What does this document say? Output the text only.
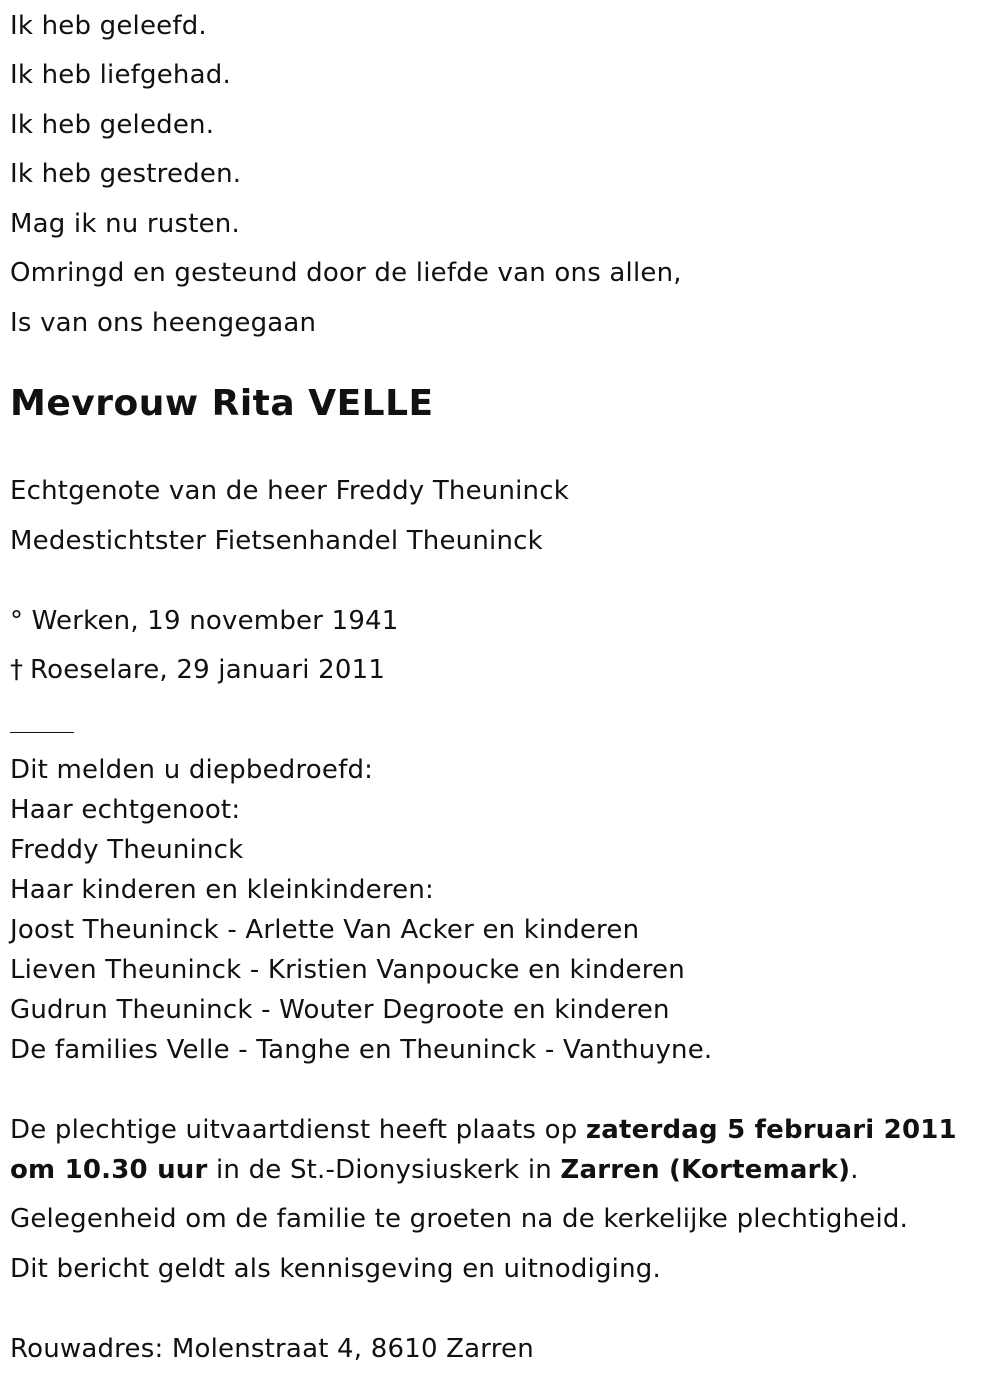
Ik heb geleefd.
Ik heb liefgehad.
Ik heb geleden.
Ik heb gestreden.
Mag ik nu rusten.
Omringd en gesteund door de liefde van ons allen,
Is van ons heengegaan
Mevrouw Rita VELLE
Echtgenote van de heer Freddy Theuninck
Medestichtster Fietsenhandel Theuninck
° Werken, 19 november 1941
† Roeselare, 29 januari 2011
Dit melden u diepbedroefd:
Haar echtgenoot:
Freddy Theuninck
Haar kinderen en kleinkinderen:
Joost Theuninck - Arlette Van Acker en kinderen
Lieven Theuninck - Kristien Vanpoucke en kinderen
Gudrun Theuninck - Wouter Degroote en kinderen
De families Velle - Tanghe en Theuninck - Vanthuyne.
De plechtige uitvaartdienst heeft plaats op zaterdag 5 februari 2011 om 10.30 uur in de St.-Dionysiuskerk in Zarren (Kortemark).
Gelegenheid om de familie te groeten na de kerkelijke plechtigheid.
Dit bericht geldt als kennisgeving en uitnodiging.
Rouwadres: Molenstraat 4, 8610 Zarren
